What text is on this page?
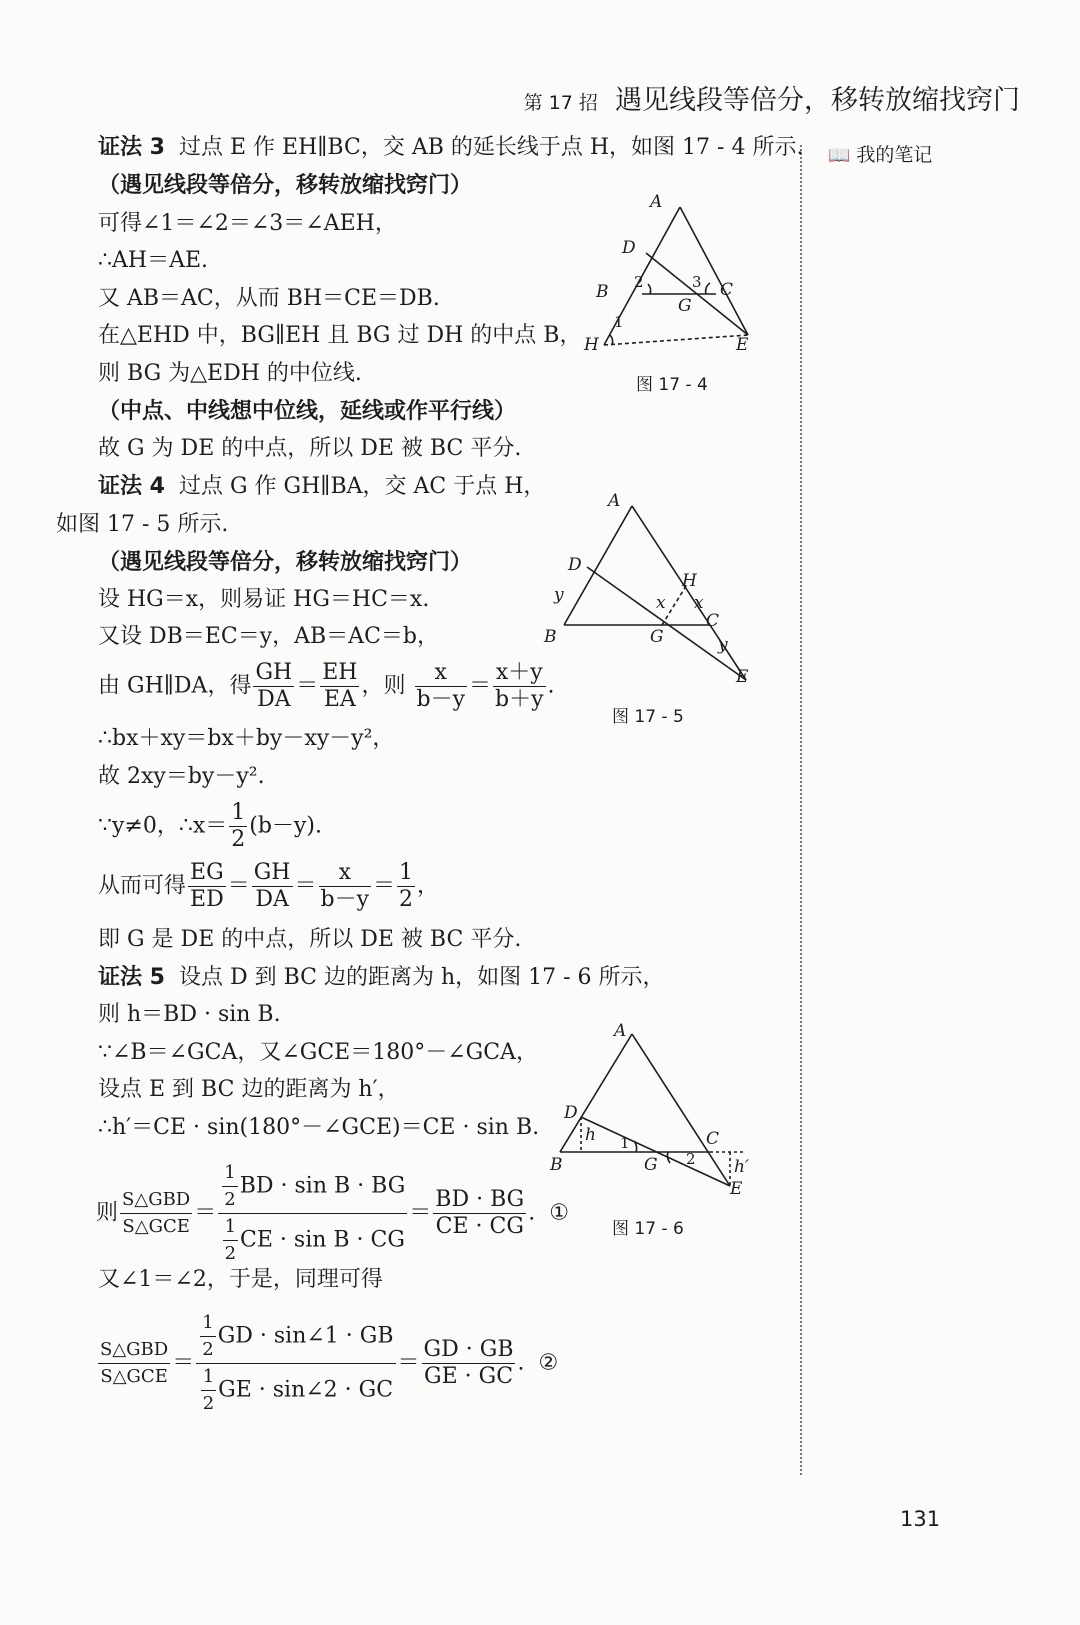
第 17 招 遇见线段等倍分，移转放缩找窍门
📖 我的笔记
证法 3 过点 E 作 EH∥BC，交 AB 的延长线于点 H，如图 17 - 4 所示.
（遇见线段等倍分，移转放缩找窍门）
可得∠1＝∠2＝∠3＝∠AEH，
∴AH＝AE.
又 AB＝AC，从而 BH＝CE＝DB.
在△EHD 中，BG∥EH 且 BG 过 DH 的中点 B，
则 BG 为△EDH 的中位线.
（中点、中线想中位线，延线或作平行线）
故 G 为 DE 的中点，所以 DE 被 BC 平分.
证法 4 过点 G 作 GH∥BA，交 AC 于点 H，
如图 17 - 5 所示.
（遇见线段等倍分，移转放缩找窍门）
设 HG＝x，则易证 HG＝HC＝x.
又设 DB＝EC＝y，AB＝AC＝b，
由 GH∥DA，得 $\frac{GH}{DA} = \frac{EH}{EA}$ ，则 $\frac{x}{b-y} = \frac{x+y}{b+y}$ .
∴bx＋xy＝bx＋by－xy－y²，
故 2xy＝by－y².
∵y≠0，∴x＝ $\frac{1}{2} (b-y)$.
从而可得 $\frac{EG}{ED} = \frac{GH}{DA} = \frac{x}{b-y} = \frac{1}{2}$ ，
即 G 是 DE 的中点，所以 DE 被 BC 平分.
证法 5 设点 D 到 BC 边的距离为 h，如图 17 - 6 所示，
则 h＝BD · sin B.
∵∠B＝∠GCA，又∠GCE＝180°－∠GCA，
设点 E 到 BC 边的距离为 h′，
∴h′＝CE · sin(180°－∠GCE)＝CE · sin B.
则 $\frac{\text{S△GBD}}{\text{S△GCE}} = \frac{\frac{1}{2} BD \cdot \sin B \cdot BG}{\frac{1}{2} CE \cdot \sin B \cdot CG} = \frac{BD \cdot BG}{CE \cdot CG}$ .  ①
又∠1＝∠2，于是，同理可得
$\frac{\text{S△GBD}}{\text{S△GCE}} = \frac{\frac{1}{2} GD \cdot \sin\angle 1 \cdot GB}{\frac{1}{2} GE \cdot \sin\angle 2 \cdot GC} = \frac{GD \cdot GB}{GE \cdot GC}$ .  ②
A
D
B	C
G
H	E
2	3
1
图 17 - 4
A
D
B	G
H
C
E
x x
y
y
图 17 - 5
A
D
B	G
C
E
h
h′
1
2
图 17 - 6
131
